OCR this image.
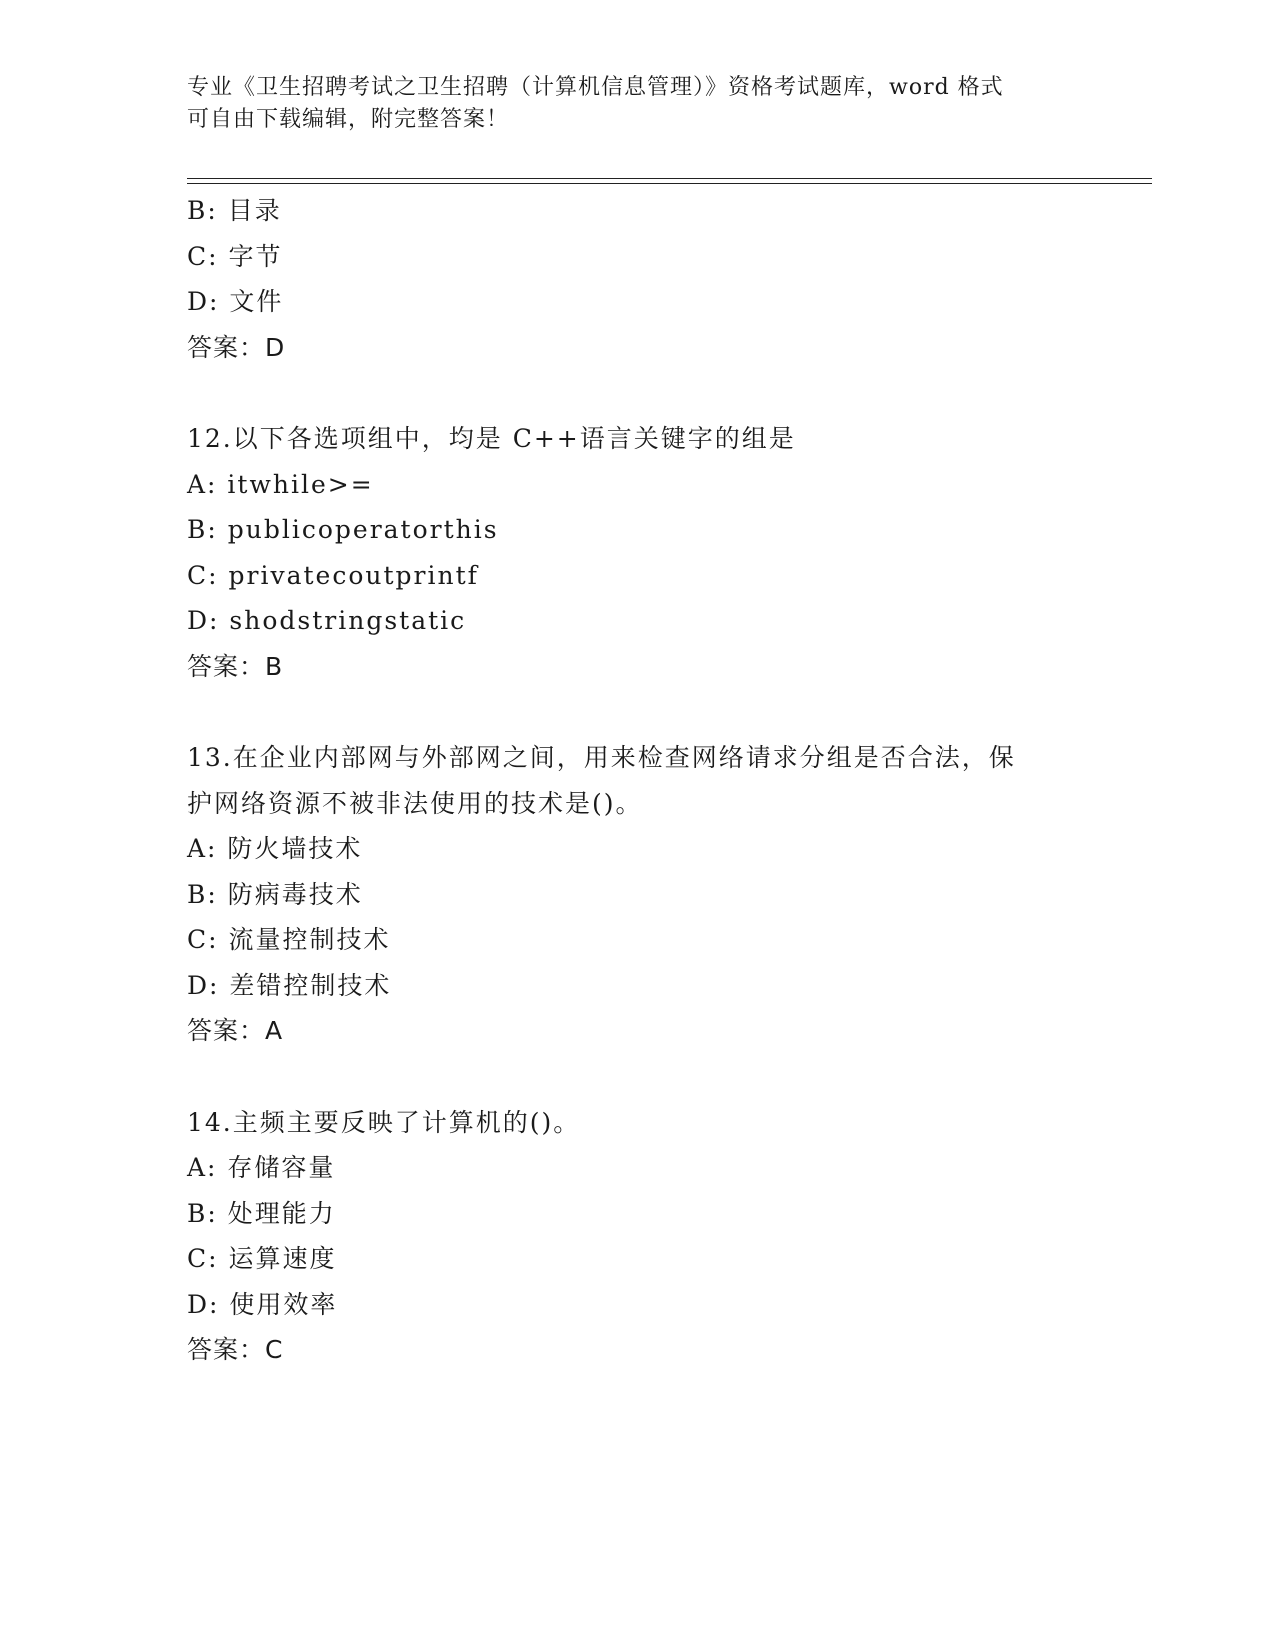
专业《卫生招聘考试之卫生招聘（计算机信息管理）》资格考试题库，word 格式
可自由下载编辑，附完整答案！
B: 目录
C: 字节
D: 文件
答案：D
12.以下各选项组中，均是 C++语言关键字的组是
A: itwhile>=
B: publicoperatorthis
C: privatecoutprintf
D: shodstringstatic
答案：B
13.在企业内部网与外部网之间，用来检查网络请求分组是否合法，保
护网络资源不被非法使用的技术是()。
A: 防火墙技术
B: 防病毒技术
C: 流量控制技术
D: 差错控制技术
答案：A
14.主频主要反映了计算机的()。
A: 存储容量
B: 处理能力
C: 运算速度
D: 使用效率
答案：C
